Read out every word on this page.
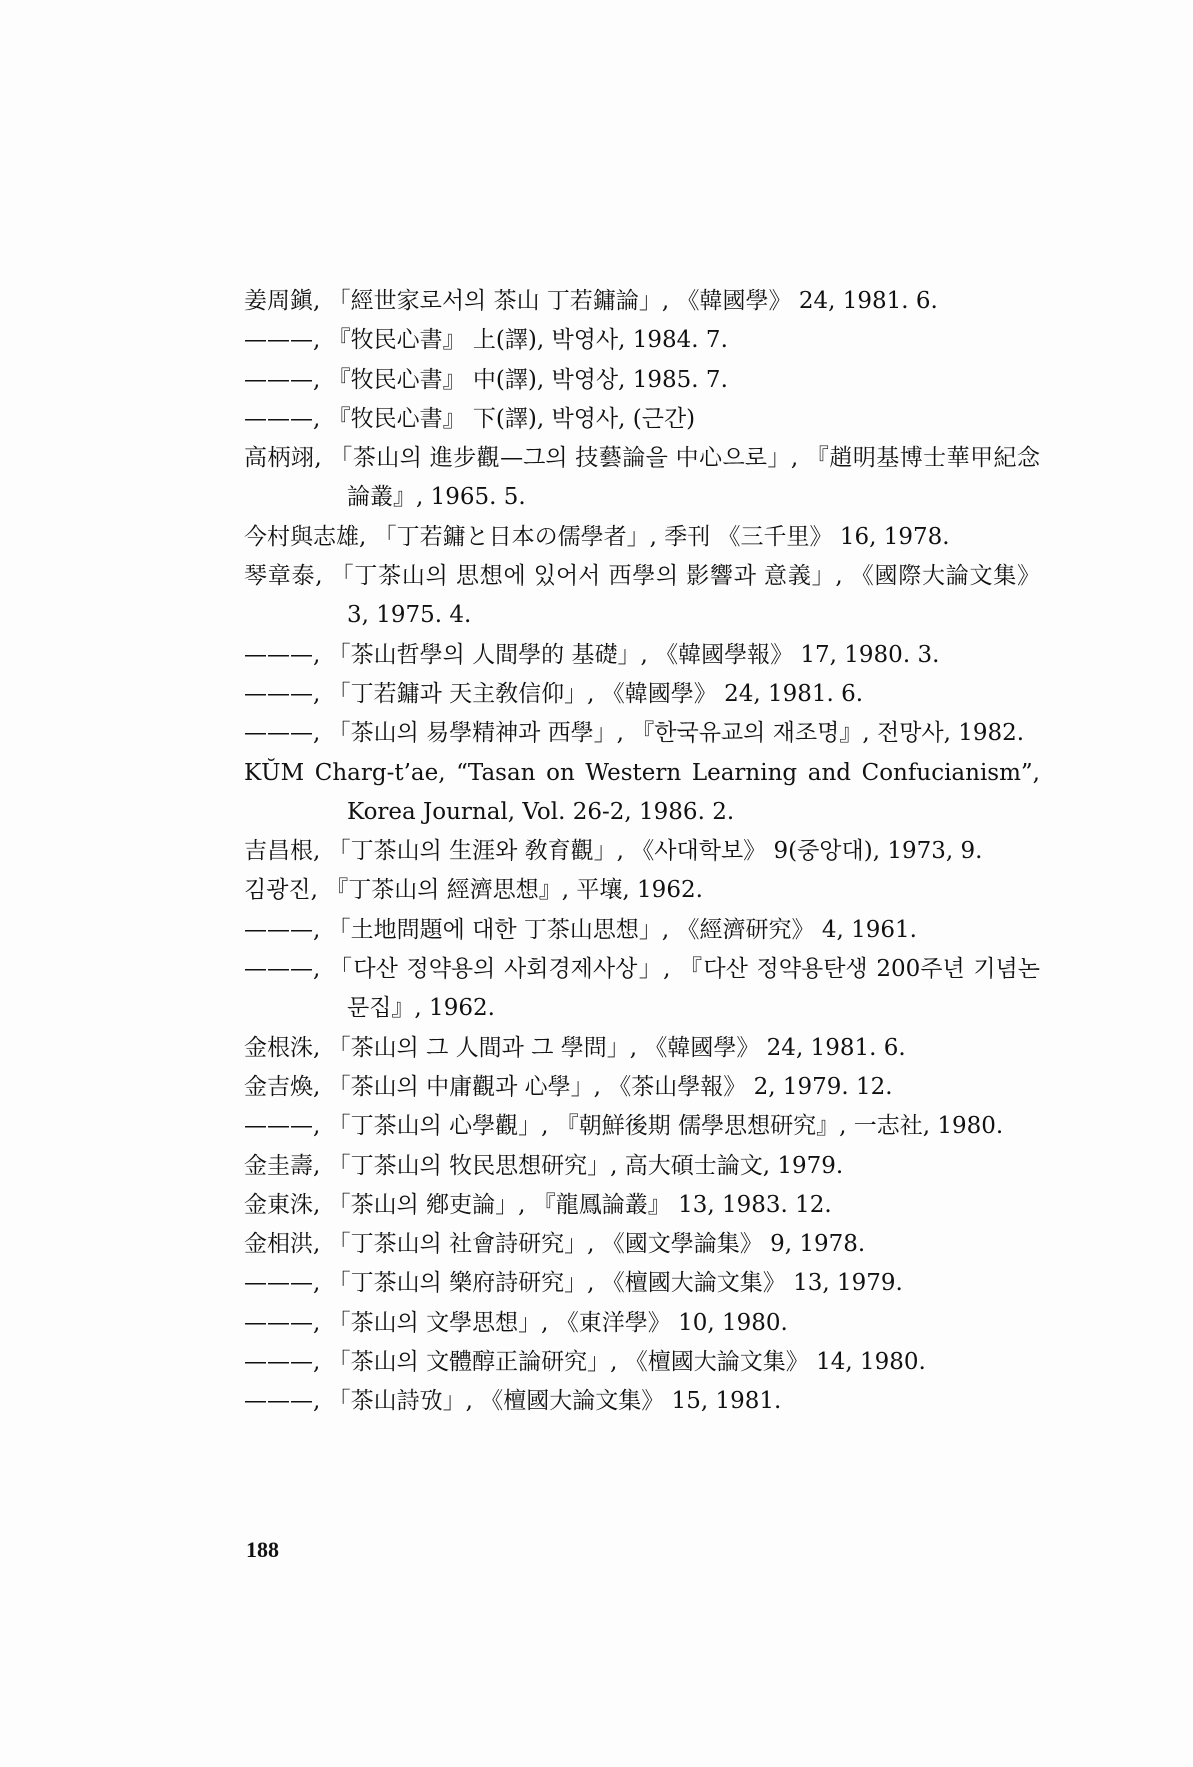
姜周鎭, 「經世家로서의 茶山 丁若鏞論」, 《韓國學》 24, 1981. 6.
———, 『牧民心書』 上(譯), 박영사, 1984. 7.
———, 『牧民心書』 中(譯), 박영상, 1985. 7.
———, 『牧民心書』 下(譯), 박영사, (근간)
高柄翊, 「茶山의 進步觀—그의 技藝論을 中心으로」, 『趙明基博士華甲紀念論叢』, 1965. 5.
今村與志雄, 「丁若鏞と日本の儒學者」, 季刊 《三千里》 16, 1978.
琴章泰, 「丁茶山의 思想에 있어서 西學의 影響과 意義」, 《國際大論文集》 3, 1975. 4.
———, 「茶山哲學의 人間學的 基礎」, 《韓國學報》 17, 1980. 3.
———, 「丁若鏞과 天主敎信仰」, 《韓國學》 24, 1981. 6.
———, 「茶山의 易學精神과 西學」, 『한국유교의 재조명』, 전망사, 1982.
KŬM Charg-t’ae, “Tasan on Western Learning and Confucianism”, Korea Journal, Vol. 26-2, 1986. 2.
吉昌根, 「丁茶山의 生涯와 敎育觀」, 《사대학보》 9(중앙대), 1973, 9.
김광진, 『丁茶山의 經濟思想』, 平壤, 1962.
———, 「土地問題에 대한 丁茶山思想」, 《經濟研究》 4, 1961.
———, 「다산 정약용의 사회경제사상」, 『다산 정약용탄생 200주년 기념논문집』, 1962.
金根洙, 「茶山의 그 人間과 그 學問」, 《韓國學》 24, 1981. 6.
金吉煥, 「茶山의 中庸觀과 心學」, 《茶山學報》 2, 1979. 12.
———, 「丁茶山의 心學觀」, 『朝鮮後期 儒學思想研究』, 一志社, 1980.
金圭壽, 「丁茶山의 牧民思想研究」, 高大碩士論文, 1979.
金東洙, 「茶山의 鄕吏論」, 『龍鳳論叢』 13, 1983. 12.
金相洪, 「丁茶山의 社會詩研究」, 《國文學論集》 9, 1978.
———, 「丁茶山의 樂府詩研究」, 《檀國大論文集》 13, 1979.
———, 「茶山의 文學思想」, 《東洋學》 10, 1980.
———, 「茶山의 文體醇正論研究」, 《檀國大論文集》 14, 1980.
———, 「茶山詩攷」, 《檀國大論文集》 15, 1981.
188
